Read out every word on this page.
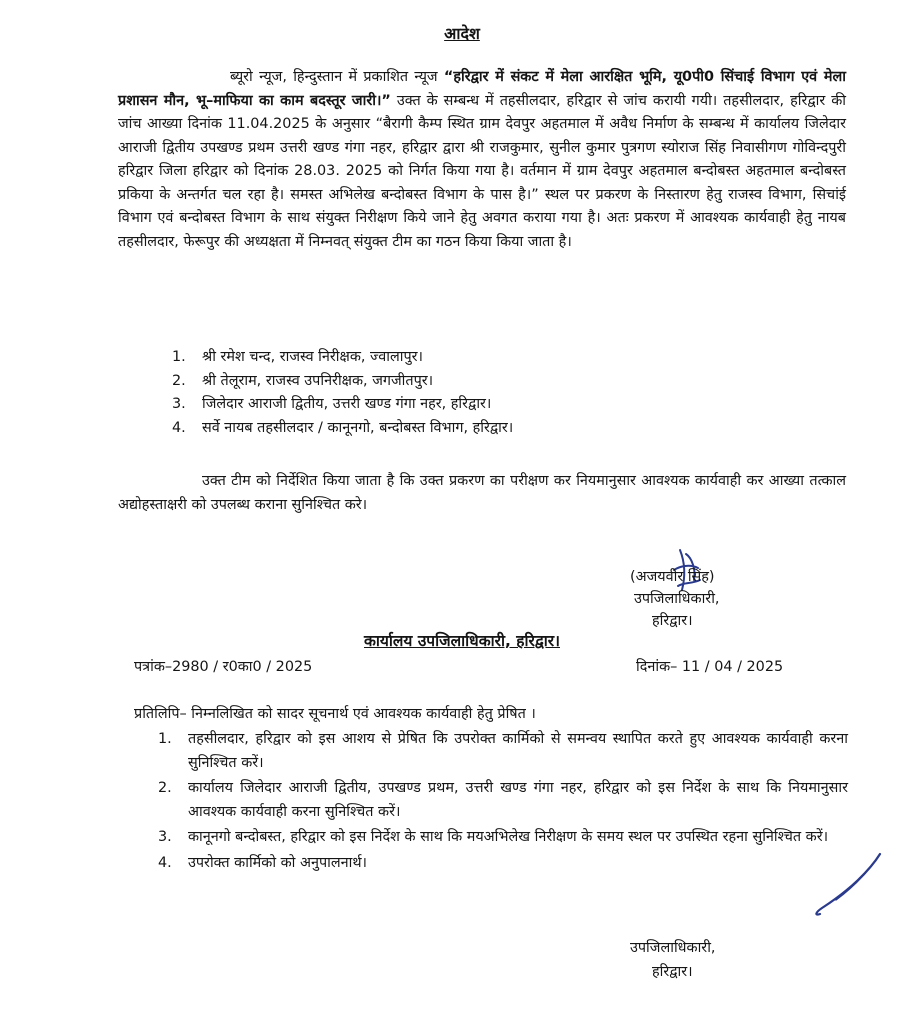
आदेश
ब्यूरो न्यूज, हिन्दुस्तान में प्रकाशित न्यूज “हरिद्वार में संकट में मेला आरक्षित भूमि, यू0पी0 सिंचाई विभाग एवं मेला प्रशासन मौन, भू–माफिया का काम बदस्तूर जारी।” उक्त के सम्बन्ध में तहसीलदार, हरिद्वार से जांच करायी गयी। तहसीलदार, हरिद्वार की जांच आख्या दिनांक 11.04.2025 के अनुसार “बैरागी कैम्प स्थित ग्राम देवपुर अहतमाल में अवैध निर्माण के सम्बन्ध में कार्यालय जिलेदार आराजी द्वितीय उपखण्ड प्रथम उत्तरी खण्ड गंगा नहर, हरिद्वार द्वारा श्री राजकुमार, सुनील कुमार पुत्रगण स्योराज सिंह निवासीगण गोविन्दपुरी हरिद्वार जिला हरिद्वार को दिनांक 28.03. 2025 को निर्गत किया गया है। वर्तमान में ग्राम देवपुर अहतमाल बन्दोबस्त अहतमाल बन्दोबस्त प्रकिया के अन्तर्गत चल रहा है। समस्त अभिलेख बन्दोबस्त विभाग के पास है।” स्थल पर प्रकरण के निस्तारण हेतु राजस्व विभाग, सिचांई विभाग एवं बन्दोबस्त विभाग के साथ संयुक्त निरीक्षण किये जाने हेतु अवगत कराया गया है। अतः प्रकरण में आवश्यक कार्यवाही हेतु नायब तहसीलदार, फेरूपुर की अध्यक्षता में निम्नवत् संयुक्त टीम का गठन किया किया जाता है।
1. श्री रमेश चन्द, राजस्व निरीक्षक, ज्वालापुर।
2. श्री तेलूराम, राजस्व उपनिरीक्षक, जगजीतपुर।
3. जिलेदार आराजी द्वितीय, उत्तरी खण्ड गंगा नहर, हरिद्वार।
4. सर्वे नायब तहसीलदार / कानूनगो, बन्दोबस्त विभाग, हरिद्वार।
उक्त टीम को निर्देशित किया जाता है कि उक्त प्रकरण का परीक्षण कर नियमानुसार आवश्यक कार्यवाही कर आख्या तत्काल अद्योहस्ताक्षरी को उपलब्ध कराना सुनिश्चित करे।
(अजयवीर सिंह)
उपजिलाधिकारी,
हरिद्वार।
कार्यालय उपजिलाधिकारी, हरिद्वार।
पत्रांक–2980 / र0का0 / 2025	दिनांक– 11 / 04 / 2025
प्रतिलिपि– निम्नलिखित को सादर सूचनार्थ एवं आवश्यक कार्यवाही हेतु प्रेषित ।
1. तहसीलदार, हरिद्वार को इस आशय से प्रेषित कि उपरोक्त कार्मिको से समन्वय स्थापित करते हुए आवश्यक कार्यवाही करना सुनिश्चित करें।
2. कार्यालय जिलेदार आराजी द्वितीय, उपखण्ड प्रथम, उत्तरी खण्ड गंगा नहर, हरिद्वार को इस निर्देश के साथ कि नियमानुसार आवश्यक कार्यवाही करना सुनिश्चित करें।
3. कानूनगो बन्दोबस्त, हरिद्वार को इस निर्देश के साथ कि मयअभिलेख निरीक्षण के समय स्थल पर उपस्थित रहना सुनिश्चित करें।
4. उपरोक्त कार्मिको को अनुपालनार्थ।
उपजिलाधिकारी,
हरिद्वार।
